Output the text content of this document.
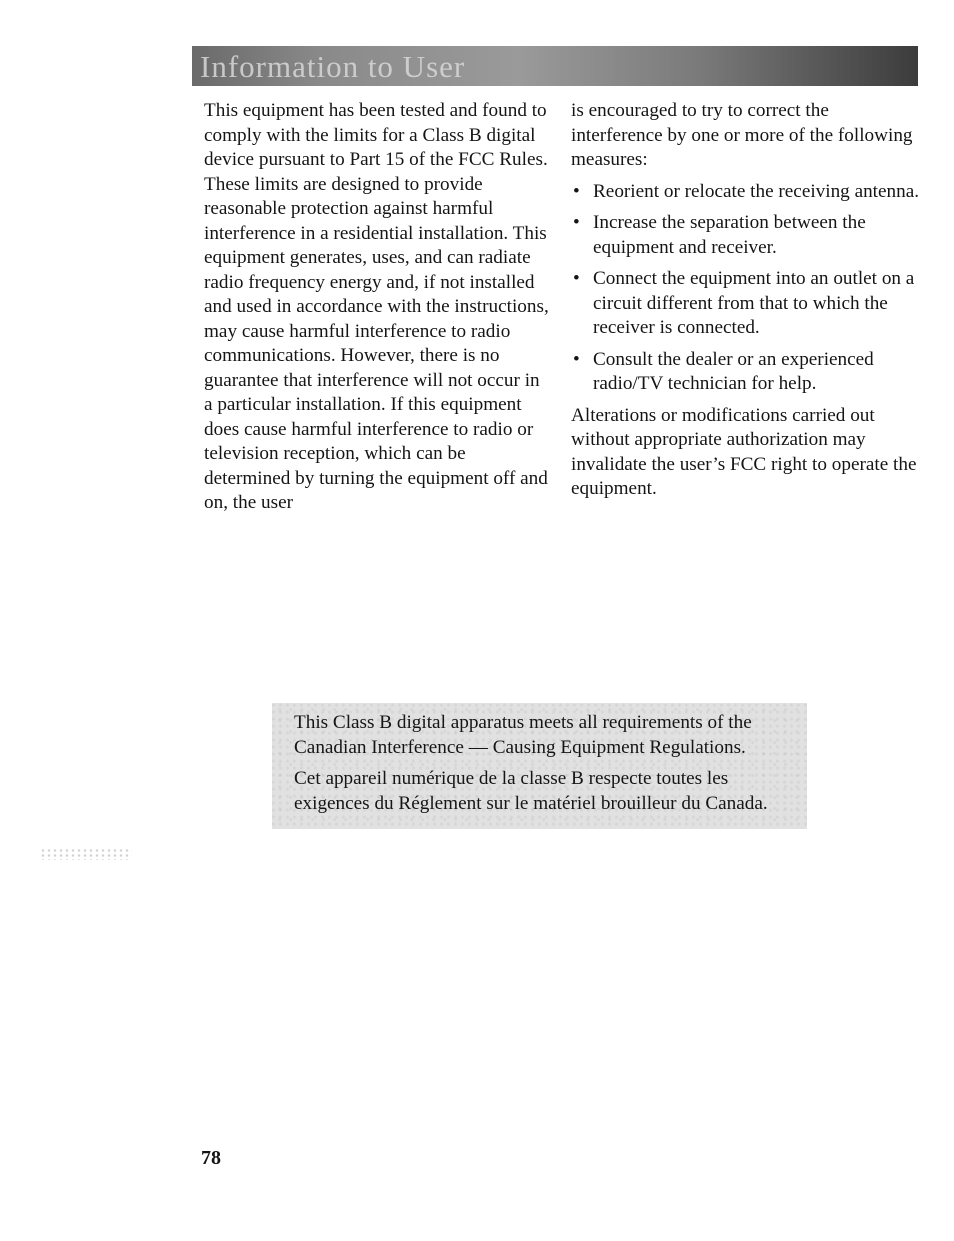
Information to User

This equipment has been tested and found to comply with the limits for a Class B digital device pursuant to Part 15 of the FCC Rules. These limits are designed to provide reasonable protection against harmful interference in a residential installation. This equipment generates, uses, and can radiate radio frequency energy and, if not installed and used in accordance with the instructions, may cause harmful interference to radio communications. However, there is no guarantee that interference will not occur in a particular installation. If this equipment does cause harmful interference to radio or television reception, which can be determined by turning the equipment off and on, the user

is encouraged to try to correct the interference by one or more of the following measures:

• Reorient or relocate the receiving antenna.
• Increase the separation between the equipment and receiver.
• Connect the equipment into an outlet on a circuit different from that to which the receiver is connected.
• Consult the dealer or an experienced radio/TV technician for help.

Alterations or modifications carried out without appropriate authorization may invalidate the user’s FCC right to operate the equipment.

This Class B digital apparatus meets all requirements of the Canadian Interference — Causing Equipment Regulations.

Cet appareil numérique de la classe B respecte toutes les exigences du Réglement sur le matériel brouilleur du Canada.

78
